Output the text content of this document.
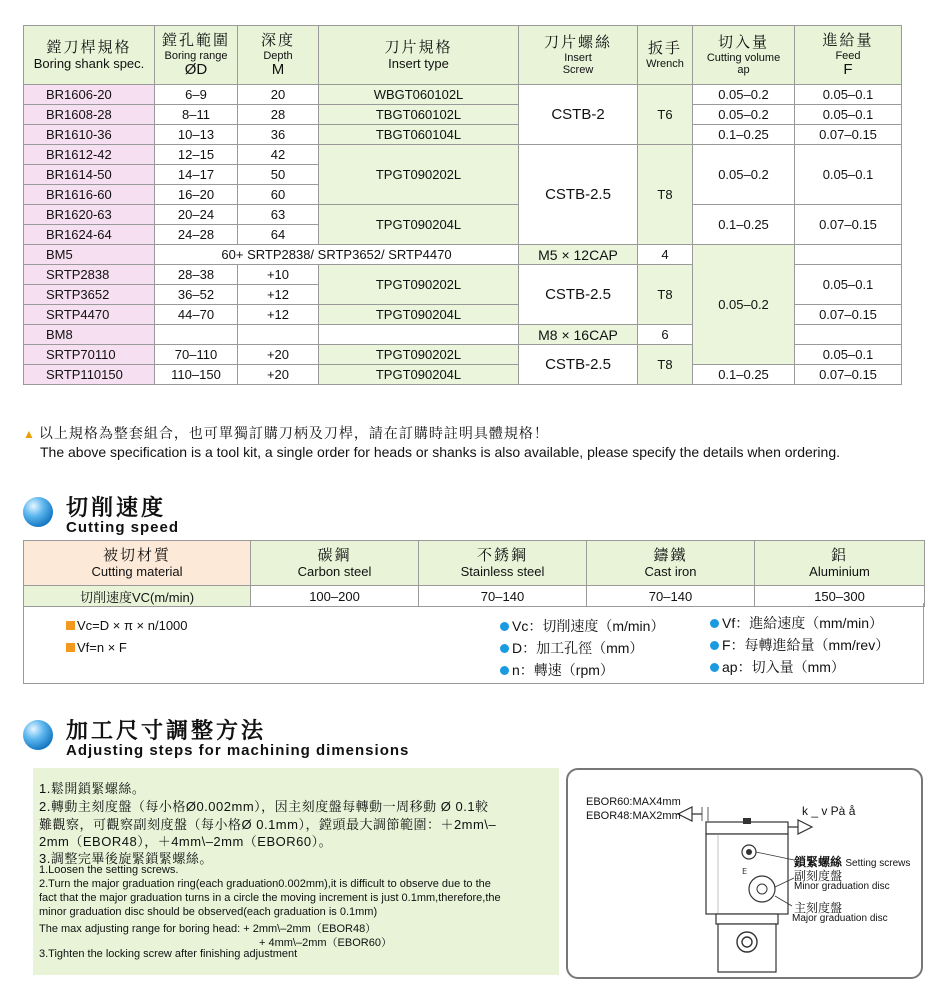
鏜刀桿規格
Boring shank spec.	鏜孔範圍
Boring range
ØD	深度
Depth
M	刀片規格
Insert type	刀片螺絲
Insert
Screw	扳手
Wrench	切入量
Cutting volume
ap	進給量
Feed
F

BR1606-20	6–9	20	WBGT060102L	CSTB-2	T6	0.05–0.2	0.05–0.1
BR1608-28	8–11	28	TBGT060102L			0.05–0.2	0.05–0.1
BR1610-36	10–13	36	TBGT060104L			0.1–0.25	0.07–0.15
BR1612-42	12–15	42	TPGT090202L	CSTB-2.5	T8	0.05–0.2	0.05–0.1
BR1614-50	14–17	50					
BR1616-60	16–20	60					
BR1620-63	20–24	63	TPGT090204L			0.1–0.25	0.07–0.15
BR1624-64	24–28	64					
BM5	60+ SRTP2838/ SRTP3652/ SRTP4470			M5 × 12CAP	4	0.05–0.2	
SRTP2838	28–38	+10	TPGT090202L	CSTB-2.5	T8		0.05–0.1
SRTP3652	36–52	+12					
SRTP4470	44–70	+12	TPGT090204L				0.07–0.15
BM8				M8 × 16CAP	6		
SRTP70110	70–110	+20	TPGT090202L	CSTB-2.5	T8		0.05–0.1
SRTP110150	110–150	+20	TPGT090204L			0.1–0.25	0.07–0.15
▲ 以上規格為整套組合，也可單獨訂購刀柄及刀桿，請在訂購時註明具體規格！
The above specification is a tool kit, a single order for heads or shanks is also available, please specify the details when ordering.
切削速度
Cutting speed
被切材質
Cutting material	碳鋼
Carbon steel	不銹鋼
Stainless steel	鑄鐵
Cast iron	鋁
Aluminium

切削速度VC(m/min)	100–200	70–140	70–140	150–300
Vc=D × π × n/1000
Vf=n × F
Vc：切削速度（m/min）
D：加工孔徑（mm）
n：轉速（rpm）
Vf：進給速度（mm/min）
F：每轉進給量（mm/rev）
ap：切入量（mm）
加工尺寸調整方法
Adjusting steps for machining dimensions
1.鬆開鎖緊螺絲。
2.轉動主刻度盤（每小格Ø0.002mm），因主刻度盤每轉動一周移動 Ø 0.1較
難觀察，可觀察副刻度盤（每小格Ø 0.1mm），鏜頭最大調節範圍：＋2mm\–
2mm（EBOR48），＋4mm\–2mm（EBOR60）。
3.調整完畢後旋緊鎖緊螺絲。
1.Loosen the setting screws.
2.Turn the major graduation ring(each graduation0.002mm),it is difficult to observe due to the
fact that the major graduation turns in a circle the moving increment is just 0.1mm,therefore,the
minor graduation disc should be observed(each graduation is 0.1mm)
The max adjusting range for boring head: + 2mm\–2mm（EBOR48）
+ 4mm\–2mm（EBOR60）
3.Tighten the locking screw after finishing adjustment
E
EBOR60:MAX4mm
EBOR48:MAX2mm	k _ v Pà å
鎖緊螺絲 Setting screws
副刻度盤
Minor graduation disc
主刻度盤
Major graduation disc
